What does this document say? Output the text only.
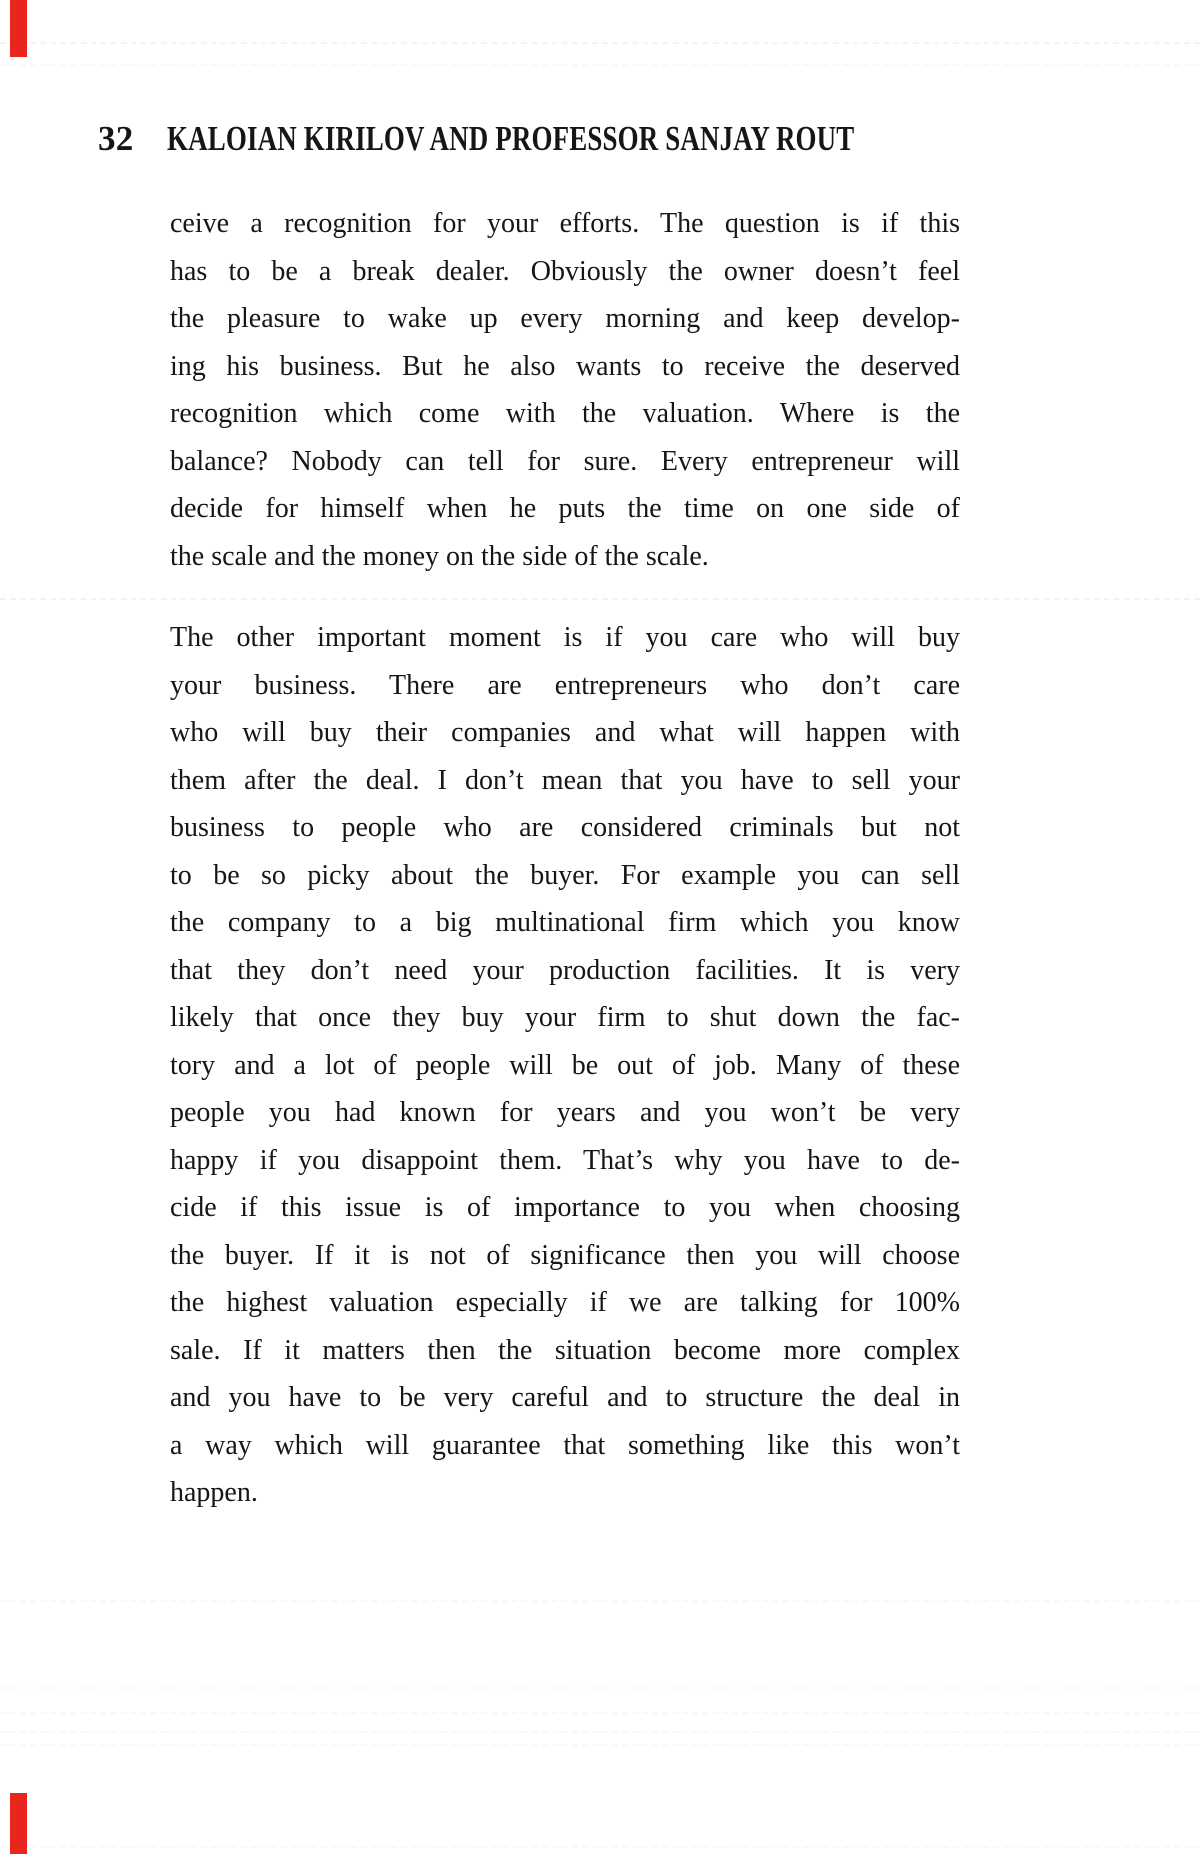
32 KALOIAN KIRILOV AND PROFESSOR SANJAY ROUT
ceive a recognition for your efforts. The question is if this
has to be a break dealer. Obviously the owner doesn’t feel
the pleasure to wake up every morning and keep develop-
ing his business. But he also wants to receive the deserved
recognition which come with the valuation. Where is the
balance? Nobody can tell for sure. Every entrepreneur will
decide for himself when he puts the time on one side of
the scale and the money on the side of the scale.
The other important moment is if you care who will buy
your business. There are entrepreneurs who don’t care
who will buy their companies and what will happen with
them after the deal. I don’t mean that you have to sell your
business to people who are considered criminals but not
to be so picky about the buyer. For example you can sell
the company to a big multinational firm which you know
that they don’t need your production facilities. It is very
likely that once they buy your firm to shut down the fac-
tory and a lot of people will be out of job. Many of these
people you had known for years and you won’t be very
happy if you disappoint them. That’s why you have to de-
cide if this issue is of importance to you when choosing
the buyer. If it is not of significance then you will choose
the highest valuation especially if we are talking for 100%
sale. If it matters then the situation become more complex
and you have to be very careful and to structure the deal in
a way which will guarantee that something like this won’t
happen.
